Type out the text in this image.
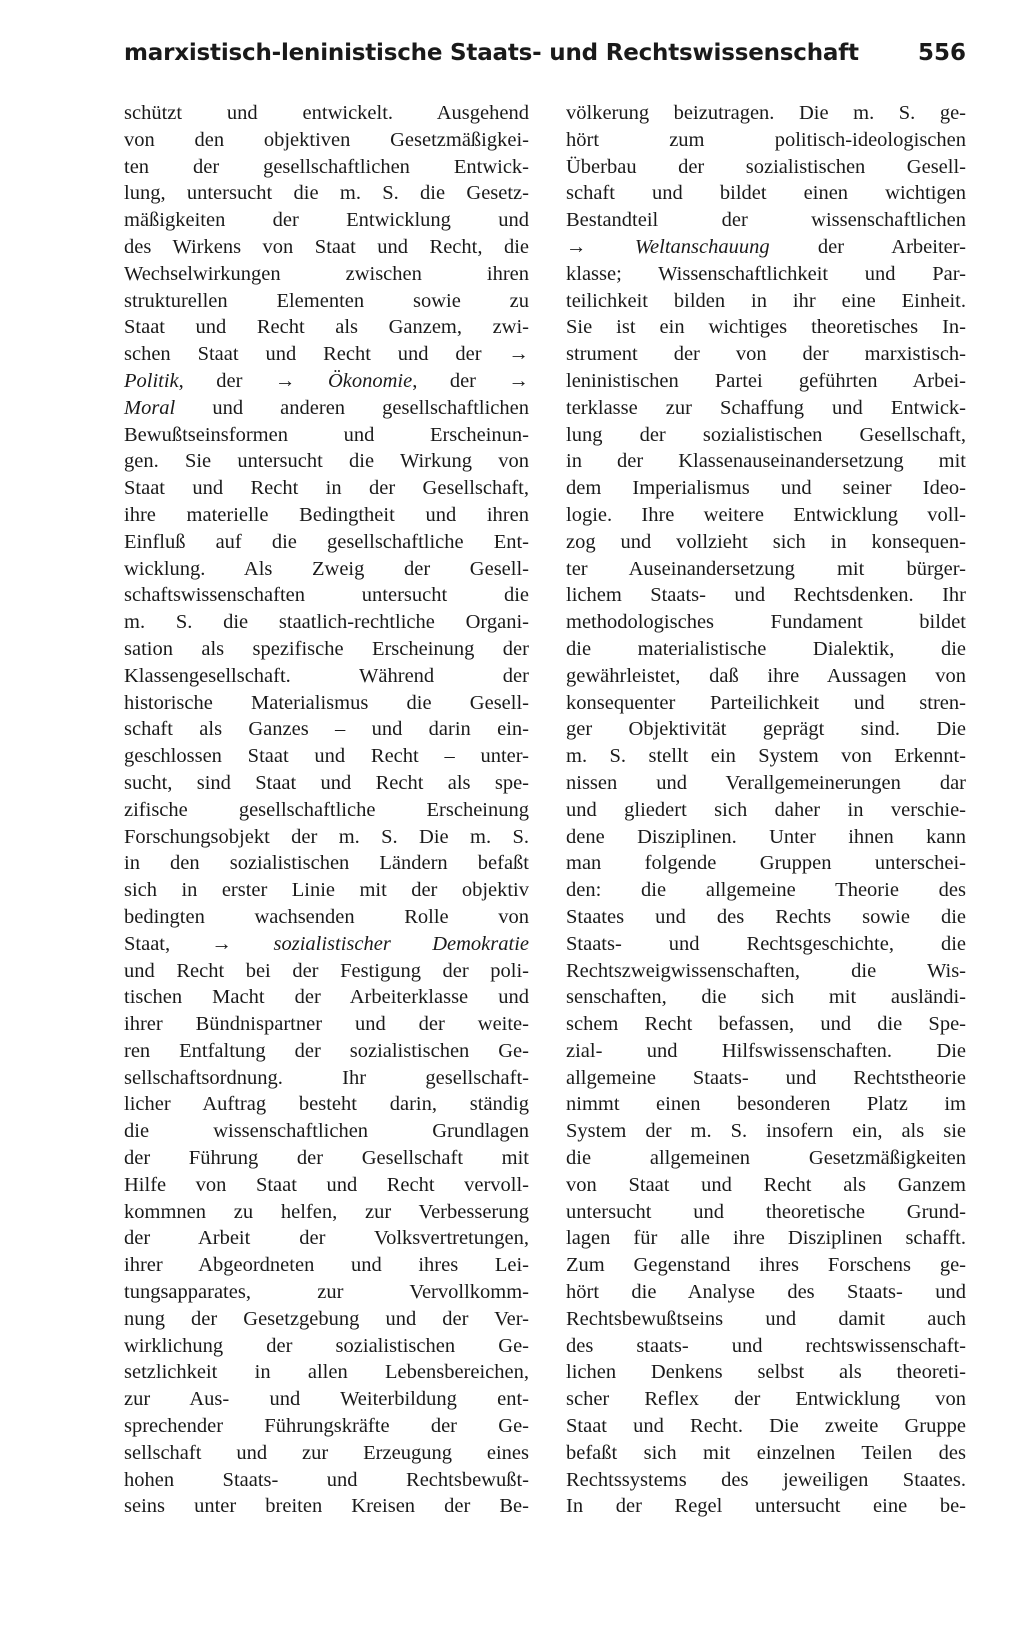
marxistisch-leninistische Staats- und Rechtswissenschaft	556
schützt und entwickelt. Ausgehend
von den objektiven Gesetzmäßigkei-
ten der gesellschaftlichen Entwick-
lung, untersucht die m. S. die Gesetz-
mäßigkeiten der Entwicklung und
des Wirkens von Staat und Recht, die
Wechselwirkungen zwischen ihren
strukturellen Elementen sowie zu
Staat und Recht als Ganzem, zwi-
schen Staat und Recht und der →
Politik, der → Ökonomie, der →
Moral und anderen gesellschaftlichen
Bewußtseinsformen und Erscheinun-
gen. Sie untersucht die Wirkung von
Staat und Recht in der Gesellschaft,
ihre materielle Bedingtheit und ihren
Einfluß auf die gesellschaftliche Ent-
wicklung. Als Zweig der Gesell-
schaftswissenschaften untersucht die
m. S. die staatlich-rechtliche Organi-
sation als spezifische Erscheinung der
Klassengesellschaft. Während der
historische Materialismus die Gesell-
schaft als Ganzes – und darin ein-
geschlossen Staat und Recht – unter-
sucht, sind Staat und Recht als spe-
zifische gesellschaftliche Erscheinung
Forschungsobjekt der m. S. Die m. S.
in den sozialistischen Ländern befaßt
sich in erster Linie mit der objektiv
bedingten wachsenden Rolle von
Staat, → sozialistischer Demokratie
und Recht bei der Festigung der poli-
tischen Macht der Arbeiterklasse und
ihrer Bündnispartner und der weite-
ren Entfaltung der sozialistischen Ge-
sellschaftsordnung. Ihr gesellschaft-
licher Auftrag besteht darin, ständig
die wissenschaftlichen Grundlagen
der Führung der Gesellschaft mit
Hilfe von Staat und Recht vervoll-
kommnen zu helfen, zur Verbesserung
der Arbeit der Volksvertretungen,
ihrer Abgeordneten und ihres Lei-
tungsapparates, zur Vervollkomm-
nung der Gesetzgebung und der Ver-
wirklichung der sozialistischen Ge-
setzlichkeit in allen Lebensbereichen,
zur Aus- und Weiterbildung ent-
sprechender Führungskräfte der Ge-
sellschaft und zur Erzeugung eines
hohen Staats- und Rechtsbewußt-
seins unter breiten Kreisen der Be-
völkerung beizutragen. Die m. S. ge-
hört zum politisch-ideologischen
Überbau der sozialistischen Gesell-
schaft und bildet einen wichtigen
Bestandteil der wissenschaftlichen
→ Weltanschauung der Arbeiter-
klasse; Wissenschaftlichkeit und Par-
teilichkeit bilden in ihr eine Einheit.
Sie ist ein wichtiges theoretisches In-
strument der von der marxistisch-
leninistischen Partei geführten Arbei-
terklasse zur Schaffung und Entwick-
lung der sozialistischen Gesellschaft,
in der Klassenauseinandersetzung mit
dem Imperialismus und seiner Ideo-
logie. Ihre weitere Entwicklung voll-
zog und vollzieht sich in konsequen-
ter Auseinandersetzung mit bürger-
lichem Staats- und Rechtsdenken. Ihr
methodologisches Fundament bildet
die materialistische Dialektik, die
gewährleistet, daß ihre Aussagen von
konsequenter Parteilichkeit und stren-
ger Objektivität geprägt sind. Die
m. S. stellt ein System von Erkennt-
nissen und Verallgemeinerungen dar
und gliedert sich daher in verschie-
dene Disziplinen. Unter ihnen kann
man folgende Gruppen unterschei-
den: die allgemeine Theorie des
Staates und des Rechts sowie die
Staats- und Rechtsgeschichte, die
Rechtszweigwissenschaften, die Wis-
senschaften, die sich mit ausländi-
schem Recht befassen, und die Spe-
zial- und Hilfswissenschaften. Die
allgemeine Staats- und Rechtstheorie
nimmt einen besonderen Platz im
System der m. S. insofern ein, als sie
die allgemeinen Gesetzmäßigkeiten
von Staat und Recht als Ganzem
untersucht und theoretische Grund-
lagen für alle ihre Disziplinen schafft.
Zum Gegenstand ihres Forschens ge-
hört die Analyse des Staats- und
Rechtsbewußtseins und damit auch
des staats- und rechtswissenschaft-
lichen Denkens selbst als theoreti-
scher Reflex der Entwicklung von
Staat und Recht. Die zweite Gruppe
befaßt sich mit einzelnen Teilen des
Rechtssystems des jeweiligen Staates.
In der Regel untersucht eine be-
